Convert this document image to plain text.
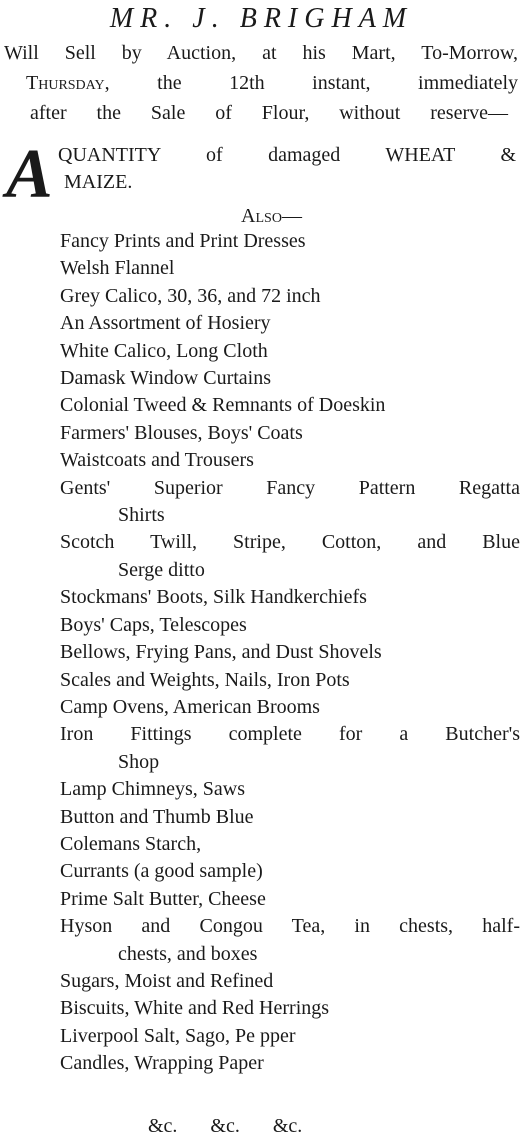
MR. J. BRIGHAM
Will Sell by Auction, at his Mart, To-Morrow,
Thursday, the 12th instant, immediately
after the Sale of Flour, without reserve—
A QUANTITY of damaged WHEAT &
MAIZE.
Also—
Fancy Prints and Print Dresses
Welsh Flannel
Grey Calico, 30, 36, and 72 inch
An Assortment of Hosiery
White Calico, Long Cloth
Damask Window Curtains
Colonial Tweed & Remnants of Doeskin
Farmers' Blouses, Boys' Coats
Waistcoats and Trousers
Gents' Superior Fancy Pattern Regatta
Shirts
Scotch Twill, Stripe, Cotton, and Blue
Serge ditto
Stockmans' Boots, Silk Handkerchiefs
Boys' Caps, Telescopes
Bellows, Frying Pans, and Dust Shovels
Scales and Weights, Nails, Iron Pots
Camp Ovens, American Brooms
Iron Fittings complete for a Butcher's
Shop
Lamp Chimneys, Saws
Button and Thumb Blue
Colemans Starch,
Currants (a good sample)
Prime Salt Butter, Cheese
Hyson and Congou Tea, in chests, half-
chests, and boxes
Sugars, Moist and Refined
Biscuits, White and Red Herrings
Liverpool Salt, Sago, Pe pper
Candles, Wrapping Paper
&c. &c. &c.
